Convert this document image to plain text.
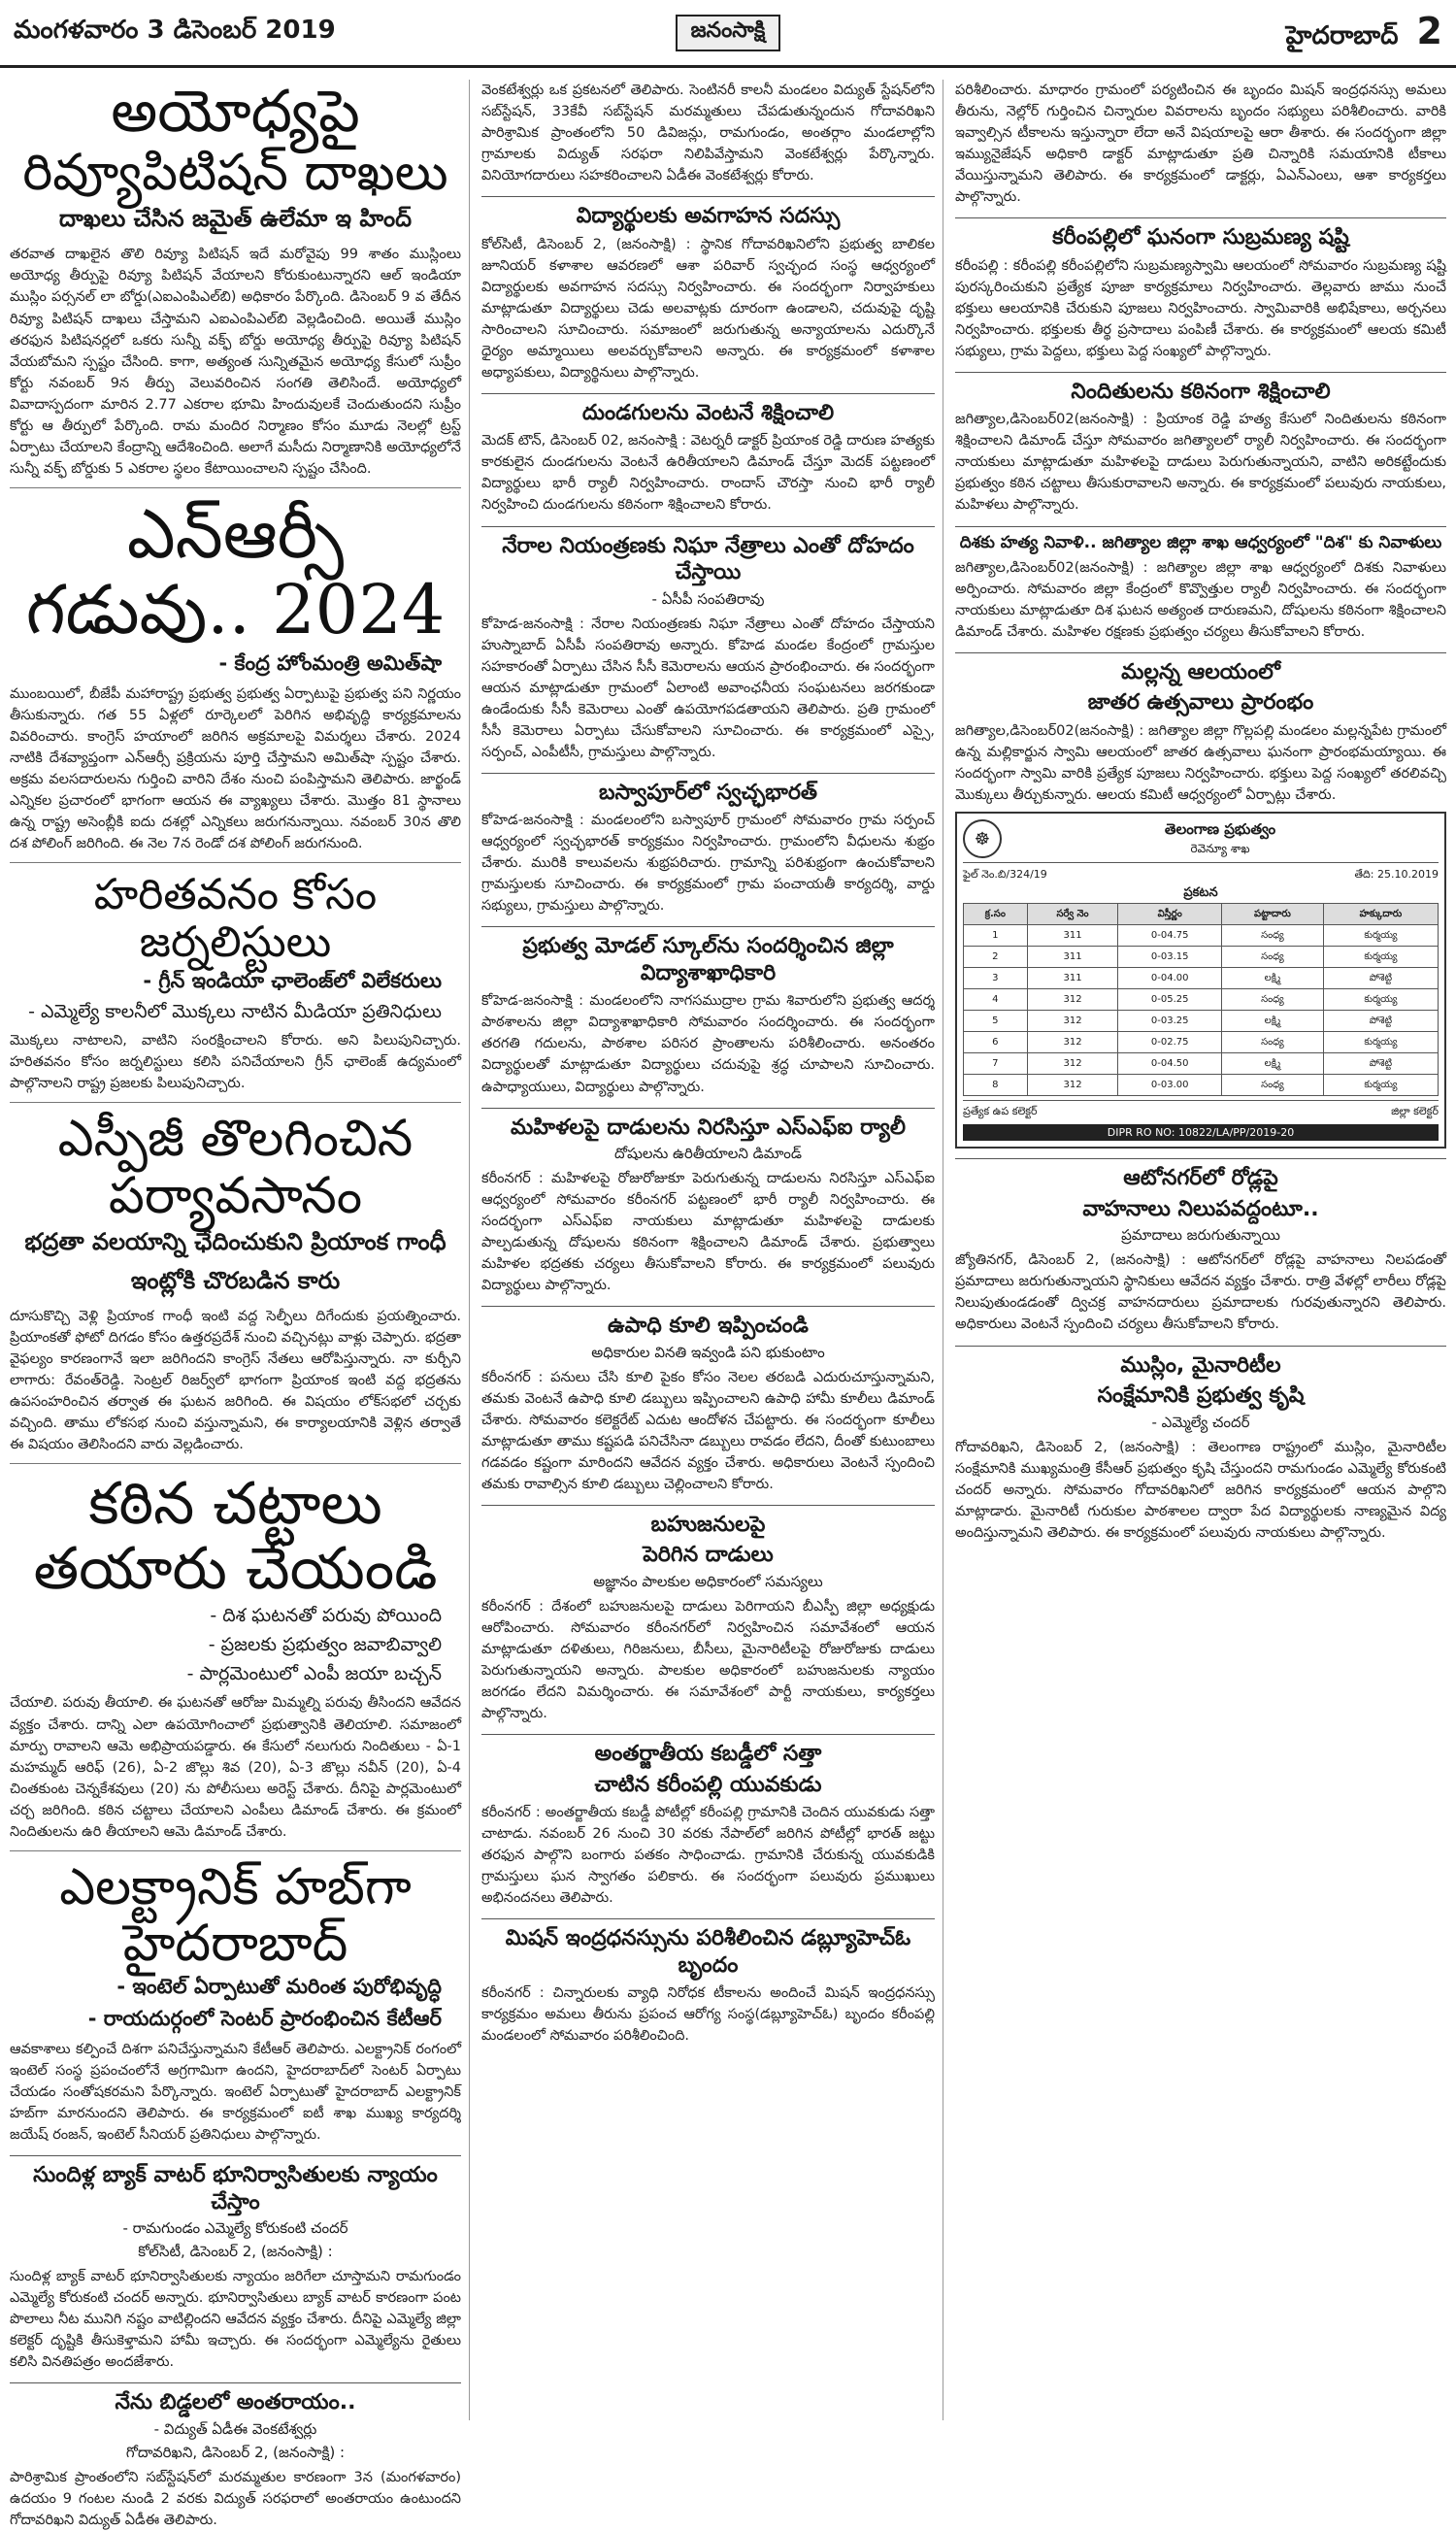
మంగళవారం 3 డిసెంబర్ 2019	జనంసాక్షి	హైదరాబాద్ 2
అయోధ్యపై
రివ్యూపిటిషన్ దాఖలు
దాఖలు చేసిన జమైత్ ఉలేమా ఇ హింద్

తరవాత దాఖలైన తొలి రివ్యూ పిటిషన్ ఇదే మరోవైపు 99 శాతం ముస్లింలు అయోధ్య తీర్పుపై రివ్యూ పిటిషన్ వేయాలని కోరుకుంటున్నారని ఆల్ ఇండియా ముస్లిం పర్సనల్ లా బోర్డు(ఎఐఎంపిఎల్‌బి) అధికారం పేర్కొంది. డిసెంబర్ 9 వ తేదీన రివ్యూ పిటిషన్ దాఖలు చేస్తామని ఎఐఎంపిఎల్‌బి వెల్లడించింది. అయితే ముస్లిం తరఫున పిటిషనర్లలో ఒకరు సున్నీ వక్ఫ్ బోర్డు అయోధ్య తీర్పుపై రివ్యూ పిటిషన్ వేయబోమని స్పష్టం చేసింది. కాగా, అత్యంత సున్నితమైన అయోధ్య కేసులో సుప్రీం కోర్టు నవంబర్ 9న తీర్పు వెలువరించిన సంగతి తెలిసిందే. అయోధ్యలో వివాదాస్పదంగా మారిన 2.77 ఎకరాల భూమి హిందువులకే చెందుతుందని సుప్రీం కోర్టు ఆ తీర్పులో పేర్కొంది. రామ మందిర నిర్మాణం కోసం మూడు నెలల్లో ట్రస్ట్ ఏర్పాటు చేయాలని కేంద్రాన్ని ఆదేశించింది. అలాగే మసీదు నిర్మాణానికి అయోధ్యలోనే సున్నీ వక్ఫ్ బోర్డుకు 5 ఎకరాల స్థలం కేటాయించాలని స్పష్టం చేసింది.

ఎన్ఆర్సీ
గడువు.. 2024
- కేంద్ర హోంమంత్రి అమిత్‌షా

ముంబయిలో, బీజేపీ మహారాష్ట్ర ప్రభుత్వ ప్రభుత్వ ఏర్పాటుపై ప్రభుత్వ పని నిర్ణయం తీసుకున్నారు. గత 55 ఏళ్లలో రూర్కెలలో పెరిగిన అభివృద్ధి కార్యక్రమాలను వివరించారు. కాంగ్రెస్ హయాంలో జరిగిన అక్రమాలపై విమర్శలు చేశారు. 2024 నాటికి దేశవ్యాప్తంగా ఎన్ఆర్సీ ప్రక్రియను పూర్తి చేస్తామని అమిత్‌షా స్పష్టం చేశారు. అక్రమ వలసదారులను గుర్తించి వారిని దేశం నుంచి పంపిస్తామని తెలిపారు. జార్ఖండ్ ఎన్నికల ప్రచారంలో భాగంగా ఆయన ఈ వ్యాఖ్యలు చేశారు. మొత్తం 81 స్థానాలు ఉన్న రాష్ట్ర అసెంబ్లీకి ఐదు దశల్లో ఎన్నికలు జరుగనున్నాయి. నవంబర్ 30న తొలి దశ పోలింగ్ జరిగింది. ఈ నెల 7న రెండో దశ పోలింగ్ జరుగనుంది.

హరితవనం కోసం జర్నలిస్టులు
- గ్రీన్ ఇండియా ఛాలెంజ్‌లో విలేకరులు
- ఎమ్మెల్యే కాలనీలో మొక్కలు నాటిన మీడియా ప్రతినిధులు

మొక్కలు నాటాలని, వాటిని సంరక్షించాలని కోరారు. అని పిలుపునిచ్చారు. హరితవనం కోసం జర్నలిస్టులు కలిసి పనిచేయాలని గ్రీన్ ఛాలెంజ్ ఉద్యమంలో పాల్గొనాలని రాష్ట్ర ప్రజలకు పిలుపునిచ్చారు.

ఎస్పీజీ తొలగించిన
పర్యావసానం
భద్రతా వలయాన్ని ఛేదించుకుని ప్రియాంక గాంధీ
ఇంట్లోకి చొరబడిన కారు

దూసుకొచ్చి వెళ్లి ప్రియాంక గాంధీ ఇంటి వద్ద సెల్ఫీలు దిగేందుకు ప్రయత్నించారు. ప్రియాంకతో ఫోటో దిగడం కోసం ఉత్తరప్రదేశ్ నుంచి వచ్చినట్లు వాళ్లు చెప్పారు. భద్రతా వైఫల్యం కారణంగానే ఇలా జరిగిందని కాంగ్రెస్ నేతలు ఆరోపిస్తున్నారు. నా కుర్చీని లాగారు: రేవంత్‌రెడ్డి. సెంట్రల్ రిజర్వ్‌లో భాగంగా ప్రియాంక ఇంటి వద్ద భద్రతను ఉపసంహరించిన తర్వాత ఈ ఘటన జరిగింది. ఈ విషయం లోక్‌సభలో చర్చకు వచ్చింది. తాము లోకసభ నుంచి వస్తున్నామని, ఈ కార్యాలయానికి వెళ్లిన తర్వాతే ఈ విషయం తెలిసిందని వారు వెల్లడించారు.

కఠిన చట్టాలు
తయారు చేయండి
- దిశ ఘటనతో పరువు పోయింది
- ప్రజలకు ప్రభుత్వం జవాబివ్వాలి
- పార్లమెంటులో ఎంపీ జయా బచ్చన్

చేయాలి. పరువు తీయాలి. ఈ ఘటనతో ఆరోజు మిమ్మల్ని పరువు తీసిందని ఆవేదన వ్యక్తం చేశారు. దాన్ని ఎలా ఉపయోగించాలో ప్రభుత్వానికి తెలియాలి. సమాజంలో మార్పు రావాలని ఆమె అభిప్రాయపడ్డారు. ఈ కేసులో నలుగురు నిందితులు - ఏ-1 మహమ్మద్ ఆరిఫ్ (26), ఏ-2 జొల్లు శివ (20), ఏ-3 జొల్లు నవీన్ (20), ఏ-4 చింతకుంట చెన్నకేశవులు (20) ను పోలీసులు అరెస్ట్ చేశారు. దీనిపై పార్లమెంటులో చర్చ జరిగింది. కఠిన చట్టాలు చేయాలని ఎంపీలు డిమాండ్ చేశారు. ఈ క్రమంలో నిందితులను ఉరి తీయాలని ఆమె డిమాండ్ చేశారు.

ఎలక్ట్రానిక్ హబ్‌గా
హైదరాబాద్
- ఇంటెల్ ఏర్పాటుతో మరింత పురోభివృద్ధి
- రాయదుర్గంలో సెంటర్ ప్రారంభించిన కేటీఆర్

ఆవకాశాలు కల్పించే దిశగా పనిచేస్తున్నామని కేటీఆర్ తెలిపారు. ఎలక్ట్రానిక్ రంగంలో ఇంటెల్ సంస్థ ప్రపంచంలోనే అగ్రగామిగా ఉందని, హైదరాబాద్‌లో సెంటర్ ఏర్పాటు చేయడం సంతోషకరమని పేర్కొన్నారు. ఇంటెల్ ఏర్పాటుతో హైదరాబాద్ ఎలక్ట్రానిక్ హబ్‌గా మారనుందని తెలిపారు. ఈ కార్యక్రమంలో ఐటీ శాఖ ముఖ్య కార్యదర్శి జయేష్ రంజన్, ఇంటెల్ సీనియర్ ప్రతినిధులు పాల్గొన్నారు.

సుందిళ్ల బ్యాక్ వాటర్ భూనిర్వాసితులకు న్యాయం చేస్తాం
- రామగుండం ఎమ్మెల్యే కోరుకంటి చందర్
కోల్‌సిటీ, డిసెంబర్ 2, (జనంసాక్షి) :

సుందిళ్ల బ్యాక్ వాటర్ భూనిర్వాసితులకు న్యాయం జరిగేలా చూస్తామని రామగుండం ఎమ్మెల్యే కోరుకంటి చందర్ అన్నారు. భూనిర్వాసితులు బ్యాక్ వాటర్ కారణంగా పంట పొలాలు నీట మునిగి నష్టం వాటిల్లిందని ఆవేదన వ్యక్తం చేశారు. దీనిపై ఎమ్మెల్యే జిల్లా కలెక్టర్ దృష్టికి తీసుకెళ్తామని హామీ ఇచ్చారు. ఈ సందర్భంగా ఎమ్మెల్యేను రైతులు కలిసి వినతిపత్రం అందజేశారు.

నేను బిడ్డలలో అంతరాయం..
- విద్యుత్ ఏడీఈ వెంకటేశ్వర్లు
గోదావరిఖని, డిసెంబర్ 2, (జనంసాక్షి) :

పారిశ్రామిక ప్రాంతంలోని సబ్‌స్టేషన్‌లో మరమ్మతుల కారణంగా 3న (మంగళవారం) ఉదయం 9 గంటల నుండి 2 వరకు విద్యుత్ సరఫరాలో అంతరాయం ఉంటుందని గోదావరిఖని విద్యుత్ ఏడీఈ తెలిపారు.

వెంకటేశ్వర్లు ఒక ప్రకటనలో తెలిపారు. సెంటినరీ కాలనీ మండలం విద్యుత్ స్టేషన్‌లోని సబ్‌స్టేషన్, 33కేవీ సబ్‌స్టేషన్ మరమ్మతులు చేపడుతున్నందున గోదావరిఖని పారిశ్రామిక ప్రాంతంలోని 50 డివిజన్లు, రామగుండం, అంతర్గాం మండలాల్లోని గ్రామాలకు విద్యుత్ సరఫరా నిలిపివేస్తామని వెంకటేశ్వర్లు పేర్కొన్నారు. వినియోగదారులు సహకరించాలని ఏడీఈ వెంకటేశ్వర్లు కోరారు.

విద్యార్థులకు అవగాహన సదస్సు

కోల్‌సిటీ, డిసెంబర్ 2, (జనంసాక్షి) : స్థానిక గోదావరిఖనిలోని ప్రభుత్వ బాలికల జూనియర్ కళాశాల ఆవరణలో ఆశా పరివార్ స్వచ్ఛంద సంస్థ ఆధ్వర్యంలో విద్యార్థులకు అవగాహన సదస్సు నిర్వహించారు. ఈ సందర్భంగా నిర్వాహకులు మాట్లాడుతూ విద్యార్థులు చెడు అలవాట్లకు దూరంగా ఉండాలని, చదువుపై దృష్టి సారించాలని సూచించారు. సమాజంలో జరుగుతున్న అన్యాయాలను ఎదుర్కొనే ధైర్యం అమ్మాయిలు అలవర్చుకోవాలని అన్నారు. ఈ కార్యక్రమంలో కళాశాల అధ్యాపకులు, విద్యార్థినులు పాల్గొన్నారు.

దుండగులను వెంటనే శిక్షించాలి

మెదక్ టౌన్, డిసెంబర్ 02, జనంసాక్షి : వెటర్నరీ డాక్టర్ ప్రియాంక రెడ్డి దారుణ హత్యకు కారకులైన దుండగులను వెంటనే ఉరితీయాలని డిమాండ్ చేస్తూ మెదక్ పట్టణంలో విద్యార్థులు భారీ ర్యాలీ నిర్వహించారు. రాందాస్ చౌరస్తా నుంచి భారీ ర్యాలీ నిర్వహించి దుండగులను కఠినంగా శిక్షించాలని కోరారు.

నేరాల నియంత్రణకు నిఘా నేత్రాలు ఎంతో దోహదం చేస్తాయి
- ఏసీపీ సంపతిరావు

కోహెడ-జనంసాక్షి : నేరాల నియంత్రణకు నిఘా నేత్రాలు ఎంతో దోహదం చేస్తాయని హుస్నాబాద్ ఏసీపీ సంపతిరావు అన్నారు. కోహెడ మండల కేంద్రంలో గ్రామస్తుల సహకారంతో ఏర్పాటు చేసిన సీసీ కెమెరాలను ఆయన ప్రారంభించారు. ఈ సందర్భంగా ఆయన మాట్లాడుతూ గ్రామంలో ఏలాంటి అవాంఛనీయ సంఘటనలు జరగకుండా ఉండేందుకు సీసీ కెమెరాలు ఎంతో ఉపయోగపడతాయని తెలిపారు. ప్రతి గ్రామంలో సీసీ కెమెరాలు ఏర్పాటు చేసుకోవాలని సూచించారు. ఈ కార్యక్రమంలో ఎస్సై, సర్పంచ్, ఎంపీటీసీ, గ్రామస్తులు పాల్గొన్నారు.

బస్వాపూర్‌లో స్వచ్ఛభారత్

కోహెడ-జనంసాక్షి : మండలంలోని బస్వాపూర్ గ్రామంలో సోమవారం గ్రామ సర్పంచ్ ఆధ్వర్యంలో స్వచ్ఛభారత్ కార్యక్రమం నిర్వహించారు. గ్రామంలోని వీధులను శుభ్రం చేశారు. మురికి కాలువలను శుభ్రపరిచారు. గ్రామాన్ని పరిశుభ్రంగా ఉంచుకోవాలని గ్రామస్తులకు సూచించారు. ఈ కార్యక్రమంలో గ్రామ పంచాయతీ కార్యదర్శి, వార్డు సభ్యులు, గ్రామస్తులు పాల్గొన్నారు.

ప్రభుత్వ మోడల్ స్కూల్‌ను సందర్శించిన జిల్లా విద్యాశాఖాధికారి

కోహెడ-జనంసాక్షి : మండలంలోని నాగసముద్రాల గ్రామ శివారులోని ప్రభుత్వ ఆదర్శ పాఠశాలను జిల్లా విద్యాశాఖాధికారి సోమవారం సందర్శించారు. ఈ సందర్భంగా తరగతి గదులను, పాఠశాల పరిసర ప్రాంతాలను పరిశీలించారు. అనంతరం విద్యార్థులతో మాట్లాడుతూ విద్యార్థులు చదువుపై శ్రద్ధ చూపాలని సూచించారు. ఉపాధ్యాయులు, విద్యార్థులు పాల్గొన్నారు.

మహిళలపై దాడులను నిరసిస్తూ ఎస్ఎఫ్ఐ ర్యాలీ
దోషులను ఉరితీయాలని డిమాండ్

కరీంనగర్ : మహిళలపై రోజురోజుకూ పెరుగుతున్న దాడులను నిరసిస్తూ ఎస్ఎఫ్ఐ ఆధ్వర్యంలో సోమవారం కరీంనగర్ పట్టణంలో భారీ ర్యాలీ నిర్వహించారు. ఈ సందర్భంగా ఎస్ఎఫ్ఐ నాయకులు మాట్లాడుతూ మహిళలపై దాడులకు పాల్పడుతున్న దోషులను కఠినంగా శిక్షించాలని డిమాండ్ చేశారు. ప్రభుత్వాలు మహిళల భద్రతకు చర్యలు తీసుకోవాలని కోరారు. ఈ కార్యక్రమంలో పలువురు విద్యార్థులు పాల్గొన్నారు.

ఉపాధి కూలి ఇప్పించండి
అధికారుల వినతి ఇవ్వండి పని భుకుంటాం

కరీంనగర్ : పనులు చేసి కూలి పైకం కోసం నెలల తరబడి ఎదురుచూస్తున్నామని, తమకు వెంటనే ఉపాధి కూలి డబ్బులు ఇప్పించాలని ఉపాధి హామీ కూలీలు డిమాండ్ చేశారు. సోమవారం కలెక్టరేట్ ఎదుట ఆందోళన చేపట్టారు. ఈ సందర్భంగా కూలీలు మాట్లాడుతూ తాము కష్టపడి పనిచేసినా డబ్బులు రావడం లేదని, దీంతో కుటుంబాలు గడవడం కష్టంగా మారిందని ఆవేదన వ్యక్తం చేశారు. అధికారులు వెంటనే స్పందించి తమకు రావాల్సిన కూలి డబ్బులు చెల్లించాలని కోరారు.

బహుజనులపై
పెరిగిన దాడులు
అజ్ఞానం పాలకుల అధికారంలో సమస్యలు

కరీంనగర్ : దేశంలో బహుజనులపై దాడులు పెరిగాయని బీఎస్పీ జిల్లా అధ్యక్షుడు ఆరోపించారు. సోమవారం కరీంనగర్‌లో నిర్వహించిన సమావేశంలో ఆయన మాట్లాడుతూ దళితులు, గిరిజనులు, బీసీలు, మైనారిటీలపై రోజురోజుకు దాడులు పెరుగుతున్నాయని అన్నారు. పాలకుల అధికారంలో బహుజనులకు న్యాయం జరగడం లేదని విమర్శించారు. ఈ సమావేశంలో పార్టీ నాయకులు, కార్యకర్తలు పాల్గొన్నారు.

అంతర్జాతీయ కబడ్డీలో సత్తా
చాటిన కరీంపల్లి యువకుడు

కరీంనగర్ : అంతర్జాతీయ కబడ్డీ పోటీల్లో కరీంపల్లి గ్రామానికి చెందిన యువకుడు సత్తా చాటాడు. నవంబర్ 26 నుంచి 30 వరకు నేపాల్‌లో జరిగిన పోటీల్లో భారత్ జట్టు తరఫున పాల్గొని బంగారు పతకం సాధించాడు. గ్రామానికి చేరుకున్న యువకుడికి గ్రామస్తులు ఘన స్వాగతం పలికారు. ఈ సందర్భంగా పలువురు ప్రముఖులు అభినందనలు తెలిపారు.

మిషన్ ఇంద్రధనస్సును పరిశీలించిన డబ్ల్యూహెచ్ఓ బృందం

కరీంనగర్ : చిన్నారులకు వ్యాధి నిరోధక టీకాలను అందించే మిషన్ ఇంద్రధనస్సు కార్యక్రమం అమలు తీరును ప్రపంచ ఆరోగ్య సంస్థ(డబ్ల్యూహెచ్ఓ) బృందం కరీంపల్లి మండలంలో సోమవారం పరిశీలించింది.

పరిశీలించారు. మాధారం గ్రామంలో పర్యటించిన ఈ బృందం మిషన్ ఇంద్రధనస్సు అమలు తీరును, నెల్లోర్ గుర్తించిన చిన్నారుల వివరాలను బృందం సభ్యులు పరిశీలించారు. వారికి ఇవ్వాల్సిన టీకాలను ఇస్తున్నారా లేదా అనే విషయాలపై ఆరా తీశారు. ఈ సందర్భంగా జిల్లా ఇమ్యునైజేషన్ అధికారి డాక్టర్ మాట్లాడుతూ ప్రతి చిన్నారికి సమయానికి టీకాలు వేయిస్తున్నామని తెలిపారు. ఈ కార్యక్రమంలో డాక్టర్లు, ఏఎన్ఎంలు, ఆశా కార్యకర్తలు పాల్గొన్నారు.

కరీంపల్లిలో ఘనంగా సుబ్రమణ్య షష్టి

కరీంపల్లి : కరీంపల్లి కరీంపల్లిలోని సుబ్రమణ్యస్వామి ఆలయంలో సోమవారం సుబ్రమణ్య షష్టి పురస్కరించుకుని ప్రత్యేక పూజా కార్యక్రమాలు నిర్వహించారు. తెల్లవారు జాము నుంచే భక్తులు ఆలయానికి చేరుకుని పూజలు నిర్వహించారు. స్వామివారికి అభిషేకాలు, అర్చనలు నిర్వహించారు. భక్తులకు తీర్థ ప్రసాదాలు పంపిణీ చేశారు. ఈ కార్యక్రమంలో ఆలయ కమిటీ సభ్యులు, గ్రామ పెద్దలు, భక్తులు పెద్ద సంఖ్యలో పాల్గొన్నారు.

నిందితులను కఠినంగా శిక్షించాలి

జగిత్యాల,డిసెంబర్02(జనంసాక్షి) : ప్రియాంక రెడ్డి హత్య కేసులో నిందితులను కఠినంగా శిక్షించాలని డిమాండ్ చేస్తూ సోమవారం జగిత్యాలలో ర్యాలీ నిర్వహించారు. ఈ సందర్భంగా నాయకులు మాట్లాడుతూ మహిళలపై దాడులు పెరుగుతున్నాయని, వాటిని అరికట్టేందుకు ప్రభుత్వం కఠిన చట్టాలు తీసుకురావాలని అన్నారు. ఈ కార్యక్రమంలో పలువురు నాయకులు, మహిళలు పాల్గొన్నారు.

దిశకు హత్య నివాళి.. జగిత్యాల జిల్లా శాఖ ఆధ్వర్యంలో "దిశ" కు నివాళులు

జగిత్యాల,డిసెంబర్02(జనంసాక్షి) : జగిత్యాల జిల్లా శాఖ ఆధ్వర్యంలో దిశకు నివాళులు అర్పించారు. సోమవారం జిల్లా కేంద్రంలో కొవ్వొత్తుల ర్యాలీ నిర్వహించారు. ఈ సందర్భంగా నాయకులు మాట్లాడుతూ దిశ ఘటన అత్యంత దారుణమని, దోషులను కఠినంగా శిక్షించాలని డిమాండ్ చేశారు. మహిళల రక్షణకు ప్రభుత్వం చర్యలు తీసుకోవాలని కోరారు.

మల్లన్న ఆలయంలో
జాతర ఉత్సవాలు ప్రారంభం

జగిత్యాల,డిసెంబర్02(జనంసాక్షి) : జగిత్యాల జిల్లా గొల్లపల్లి మండలం మల్లన్నపేట గ్రామంలో ఉన్న మల్లికార్జున స్వామి ఆలయంలో జాతర ఉత్సవాలు ఘనంగా ప్రారంభమయ్యాయి. ఈ సందర్భంగా స్వామి వారికి ప్రత్యేక పూజలు నిర్వహించారు. భక్తులు పెద్ద సంఖ్యలో తరలివచ్చి మొక్కులు తీర్చుకున్నారు. ఆలయ కమిటీ ఆధ్వర్యంలో ఏర్పాట్లు చేశారు.

☸	తెలంగాణ ప్రభుత్వం
రెవెన్యూ శాఖ
ఫైల్ నెం.బి/324/19	తేది: 25.10.2019
ప్రకటన
క్ర.సం	సర్వే నెం	విస్తీర్ణం	పట్టాదారు	హక్కుదారు
1	311	0-04.75	సంధ్య	కుర్మయ్య
2	311	0-03.15	సంధ్య	కుర్మయ్య
3	311	0-04.00	లక్ష్మి	పోశెట్టి
4	312	0-05.25	సంధ్య	కుర్మయ్య
5	312	0-03.25	లక్ష్మి	పోశెట్టి
6	312	0-02.75	సంధ్య	కుర్మయ్య
7	312	0-04.50	లక్ష్మి	పోశెట్టి
8	312	0-03.00	సంధ్య	కుర్మయ్య
ప్రత్యేక ఉప కలెక్టర్	జిల్లా కలెక్టర్
DIPR RO NO: 10822/LA/PP/2019-20
ఆటోనగర్‌లో రోడ్లపై
వాహనాలు నిలుపవద్దంటూ..
ప్రమాదాలు జరుగుతున్నాయి

జ్యోతినగర్, డిసెంబర్ 2, (జనంసాక్షి) : ఆటోనగర్‌లో రోడ్లపై వాహనాలు నిలపడంతో ప్రమాదాలు జరుగుతున్నాయని స్థానికులు ఆవేదన వ్యక్తం చేశారు. రాత్రి వేళల్లో లారీలు రోడ్లపై నిలుపుతుండడంతో ద్విచక్ర వాహనదారులు ప్రమాదాలకు గురవుతున్నారని తెలిపారు. అధికారులు వెంటనే స్పందించి చర్యలు తీసుకోవాలని కోరారు.

ముస్లిం, మైనారిటీల
సంక్షేమానికి ప్రభుత్వ కృషి
- ఎమ్మెల్యే చందర్

గోదావరిఖని, డిసెంబర్ 2, (జనంసాక్షి) : తెలంగాణ రాష్ట్రంలో ముస్లిం, మైనారిటీల సంక్షేమానికి ముఖ్యమంత్రి కేసీఆర్ ప్రభుత్వం కృషి చేస్తుందని రామగుండం ఎమ్మెల్యే కోరుకంటి చందర్ అన్నారు. సోమవారం గోదావరిఖనిలో జరిగిన కార్యక్రమంలో ఆయన పాల్గొని మాట్లాడారు. మైనారిటీ గురుకుల పాఠశాలల ద్వారా పేద విద్యార్థులకు నాణ్యమైన విద్య అందిస్తున్నామని తెలిపారు. ఈ కార్యక్రమంలో పలువురు నాయకులు పాల్గొన్నారు.
